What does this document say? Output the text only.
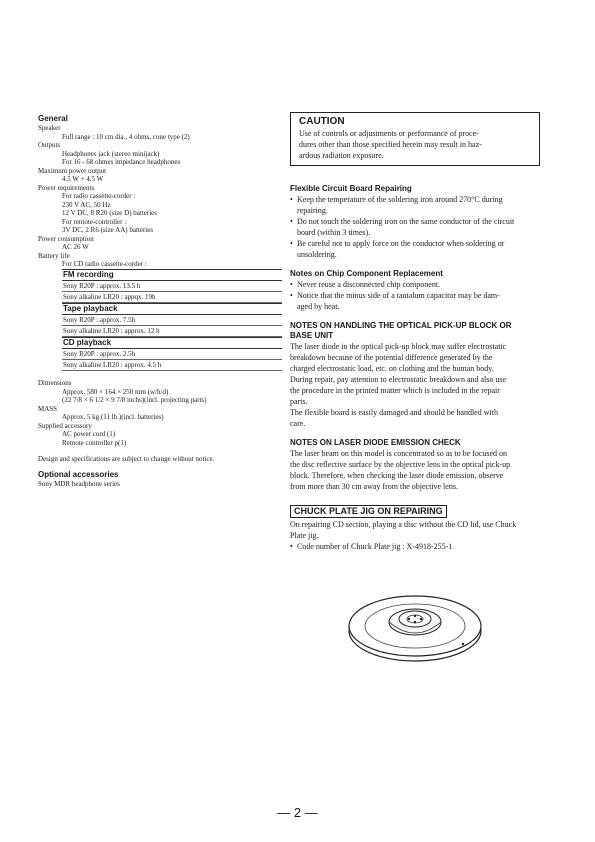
General
Speaker
Full range : 10 cm dia., 4 ohms, cone type (2)
Outputs
Headphones jack (stereo minijack)
For 16 - 68 ohmes impedance headphones
Maximum power output
4.5 W + 4.5 W
Power requirements
For radio cassette-corder :
230 V AC, 50 Hz
12 V DC, 8 R20 (size D) batteries
For remote-controller :
3V DC, 2 R6 (size AA) batteries
Power consumption
AC 26 W
Battery life
For CD radio cassette-corder :
FM recording
Sony R20P : approx. 13.5 h
Sony alkaline LR20 : appqx. 19h
Tape playback
Sony R20P : approx. 7.5h
Sony alkaline LR20 : approx. 12 h
CD playback
Sony R20P : approx. 2.5h
Sony alkaline LR20 : approx. 4.5 h
Dimensions
Approx. 580 × 164 × 250 mm (w/h/d)
(22 7/8 × 6 1/2 × 9 7/8 inchs)(incl. projecting parts)
MASS
Approx. 5 kg (11 lb.)(incl. batteries)
Supplied accessory
AC power cord (1)
Remote controller p(1)
Design and specifications are subject to change without notice.
Optional accessories
Sony MDR headphone series
CAUTION
Use of controls or adjustments or performance of proce-
dures other than those specified herein may result in haz-
ardous radiation exposure.
Flexible Circuit Board Repairing
• Keep the temperature of the soldering iron around 270°C during
repairing.
• Do not touch the soldering iron on the same conductor of the circuit
board (within 3 times).
• Be careful not to apply force on the conductor when soldering or
unsoldering.
Notes on Chip Component Replacement
• Never reuse a disconnected chip component.
• Notice that the minus side of a tantalum capacitor may be dam-
aged by heat.
NOTES ON HANDLING THE OPTICAL PICK-UP BLOCK OR
BASE UNIT
The laser diode in the optical pick-up block may suffer electrostatic
breakdown because of the potential difference generated by the
charged electrostatic load, etc. on clothing and the human body.
During repair, pay attention to electrostatic breakdown and also use
the procedure in the printed matter which is included in the repair
parts.
The flexible board is easily damaged and should be handled with
care.
NOTES ON LASER DIODE EMISSION CHECK
The laser beam on this model is concentrated so as to be focused on
the disc reflective surface by the objective lens in the optical pick-up
block. Therefore, when checking the laser diode emission, observe
from more than 30 cm away from the objective lens.
CHUCK PLATE JIG ON REPAIRING
On repairing CD section, playing a disc without the CD lid, use Chuck
Plate jig.
• Code number of Chuck Plate jig : X-4918-255-1
— 2 —
